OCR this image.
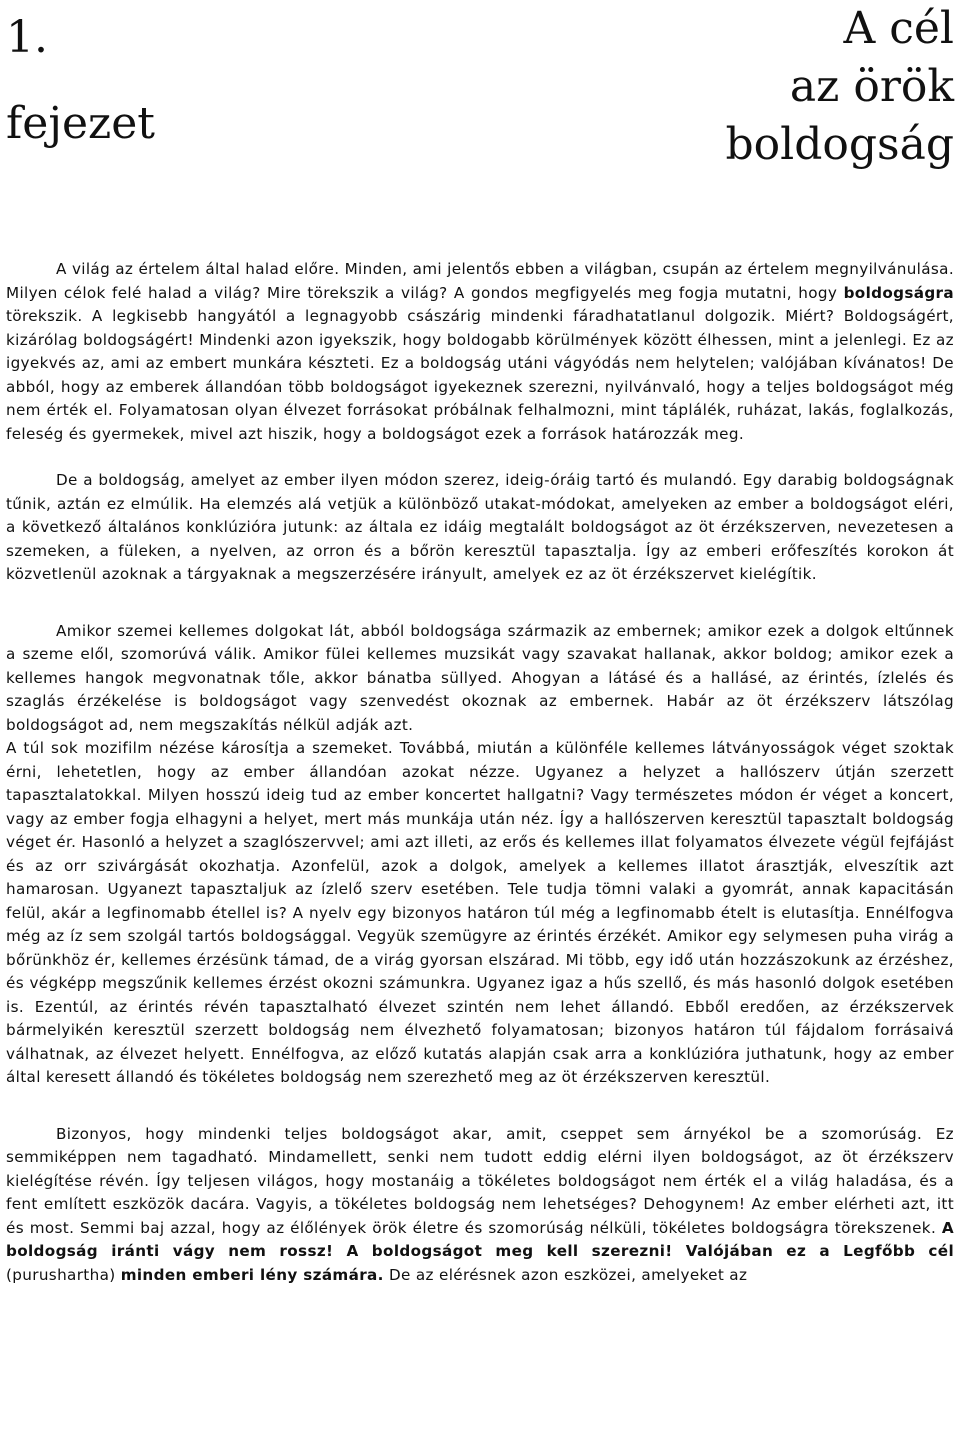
1.
fejezet
A cél
az örök
boldogság

A világ az értelem által halad előre. Minden, ami jelentős ebben a világban, csupán az értelem megnyilvánulása. Milyen célok felé halad a világ? Mire törekszik a világ? A gondos megfigyelés meg fogja mutatni, hogy boldogságra törekszik. A legkisebb hangyától a legnagyobb császárig mindenki fáradhatatlanul dolgozik. Miért? Boldogságért, kizárólag boldogságért! Mindenki azon igyekszik, hogy boldogabb körülmények között élhessen, mint a jelenlegi. Ez az igyekvés az, ami az embert munkára készteti. Ez a boldogság utáni vágyódás nem helytelen; valójában kívánatos! De abból, hogy az emberek állandóan több boldogságot igyekeznek szerezni, nyilvánvaló, hogy a teljes boldogságot még nem érték el. Folyamatosan olyan élvezet forrásokat próbálnak felhalmozni, mint táplálék, ruházat, lakás, foglalkozás, feleség és gyermekek, mivel azt hiszik, hogy a boldogságot ezek a források határozzák meg.

De a boldogság, amelyet az ember ilyen módon szerez, ideig-óráig tartó és mulandó. Egy darabig boldogságnak tűnik, aztán ez elmúlik. Ha elemzés alá vetjük a különböző utakat-módokat, amelyeken az ember a boldogságot eléri, a következő általános konklúzióra jutunk: az általa ez idáig megtalált boldogságot az öt érzékszerven, nevezetesen a szemeken, a füleken, a nyelven, az orron és a bőrön keresztül tapasztalja. Így az emberi erőfeszítés korokon át közvetlenül azoknak a tárgyaknak a megszerzésére irányult, amelyek ez az öt érzékszervet kielégítik.

Amikor szemei kellemes dolgokat lát, abból boldogsága származik az embernek; amikor ezek a dolgok eltűnnek a szeme elől, szomorúvá válik. Amikor fülei kellemes muzsikát vagy szavakat hallanak, akkor boldog; amikor ezek a kellemes hangok megvonatnak tőle, akkor bánatba süllyed. Ahogyan a látásé és a hallásé, az érintés, ízlelés és szaglás érzékelése is boldogságot vagy szenvedést okoznak az embernek. Habár az öt érzékszerv látszólag boldogságot ad, nem megszakítás nélkül adják azt.

A túl sok mozifilm nézése károsítja a szemeket. Továbbá, miután a különféle kellemes látványosságok véget szoktak érni, lehetetlen, hogy az ember állandóan azokat nézze. Ugyanez a helyzet a hallószerv útján szerzett tapasztalatokkal. Milyen hosszú ideig tud az ember koncertet hallgatni? Vagy természetes módon ér véget a koncert, vagy az ember fogja elhagyni a helyet, mert más munkája után néz. Így a hallószerven keresztül tapasztalt boldogság véget ér. Hasonló a helyzet a szaglószervvel; ami azt illeti, az erős és kellemes illat folyamatos élvezete végül fejfájást és az orr szivárgását okozhatja. Azonfelül, azok a dolgok, amelyek a kellemes illatot árasztják, elveszítik azt hamarosan. Ugyanezt tapasztaljuk az ízlelő szerv esetében. Tele tudja tömni valaki a gyomrát, annak kapacitásán felül, akár a legfinomabb étellel is? A nyelv egy bizonyos határon túl még a legfinomabb ételt is elutasítja. Ennélfogva még az íz sem szolgál tartós boldogsággal. Vegyük szemügyre az érintés érzékét. Amikor egy selymesen puha virág a bőrünkhöz ér, kellemes érzésünk támad, de a virág gyorsan elszárad. Mi több, egy idő után hozzászokunk az érzéshez, és végképp megszűnik kellemes érzést okozni számunkra. Ugyanez igaz a hűs szellő, és más hasonló dolgok esetében is. Ezentúl, az érintés révén tapasztalható élvezet szintén nem lehet állandó. Ebből eredően, az érzékszervek bármelyikén keresztül szerzett boldogság nem élvezhető folyamatosan; bizonyos határon túl fájdalom forrásaivá válhatnak, az élvezet helyett. Ennélfogva, az előző kutatás alapján csak arra a konklúzióra juthatunk, hogy az ember által keresett állandó és tökéletes boldogság nem szerezhető meg az öt érzékszerven keresztül.

Bizonyos, hogy mindenki teljes boldogságot akar, amit, cseppet sem árnyékol be a szomorúság. Ez semmiképpen nem tagadható. Mindamellett, senki nem tudott eddig elérni ilyen boldogságot, az öt érzékszerv kielégítése révén. Így teljesen világos, hogy mostanáig a tökéletes boldogságot nem érték el a világ haladása, és a fent említett eszközök dacára. Vagyis, a tökéletes boldogság nem lehetséges? Dehogynem! Az ember elérheti azt, itt és most. Semmi baj azzal, hogy az élőlények örök életre és szomorúság nélküli, tökéletes boldogságra törekszenek. A boldogság iránti vágy nem rossz! A boldogságot meg kell szerezni! Valójában ez a Legfőbb cél (purushartha) minden emberi lény számára. De az elérésnek azon eszközei, amelyeket az
